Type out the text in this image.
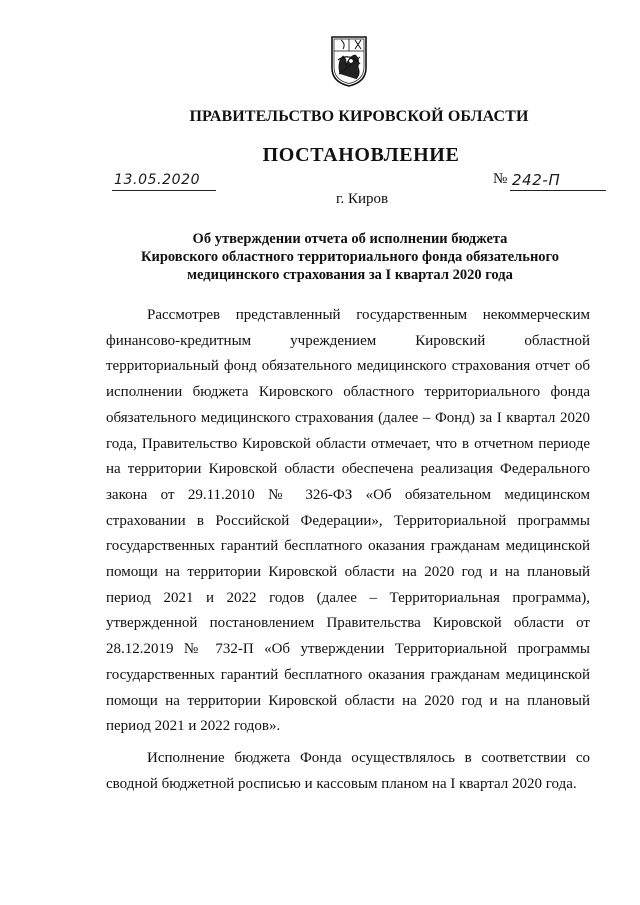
ПРАВИТЕЛЬСТВО КИРОВСКОЙ ОБЛАСТИ
ПОСТАНОВЛЕНИЕ
13.05.2020	№ 242-П
г. Киров
Об утверждении отчета об исполнении бюджета
Кировского областного территориального фонда обязательного
медицинского страхования за I квартал 2020 года

Рассмотрев представленный государственным некоммерческим финансово-кредитным учреждением Кировский областной территориальный фонд обязательного медицинского страхования отчет об исполнении бюджета Кировского областного территориального фонда обязательного медицинского страхования (далее – Фонд) за I квартал 2020 года, Правительство Кировской области отмечает, что в отчетном периоде на территории Кировской области обеспечена реализация Федерального закона от 29.11.2010 № 326-ФЗ «Об обязательном медицинском страховании в Российской Федерации», Территориальной программы государственных гарантий бесплатного оказания гражданам медицинской помощи на территории Кировской области на 2020 год и на плановый период 2021 и 2022 годов (далее – Территориальная программа), утвержденной постановлением Правительства Кировской области от 28.12.2019 № 732-П «Об утверждении Территориальной программы государственных гарантий бесплатного оказания гражданам медицинской помощи на территории Кировской области на 2020 год и на плановый период 2021 и 2022 годов».

Исполнение бюджета Фонда осуществлялось в соответствии со сводной бюджетной росписью и кассовым планом на I квартал 2020 года.
